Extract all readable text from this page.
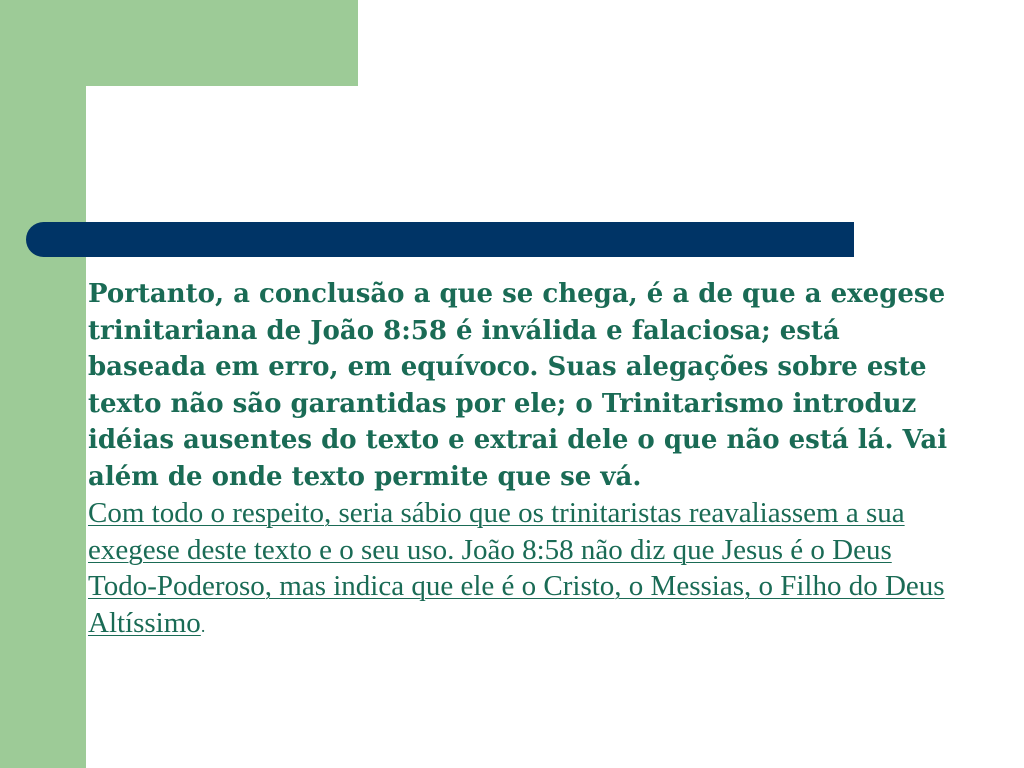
Portanto, a conclusão a que se chega, é a de que a exegese trinitariana de João 8:58 é inválida e falaciosa; está baseada em erro, em equívoco. Suas alegações sobre este texto não são garantidas por ele; o Trinitarismo introduz idéias ausentes do texto e extrai dele o que não está lá. Vai além de onde texto permite que se vá.

Com todo o respeito, seria sábio que os trinitaristas reavaliassem a sua exegese deste texto e o seu uso. João 8:58 não diz que Jesus é o Deus Todo-Poderoso, mas indica que ele é o Cristo, o Messias, o Filho do Deus Altíssimo.
